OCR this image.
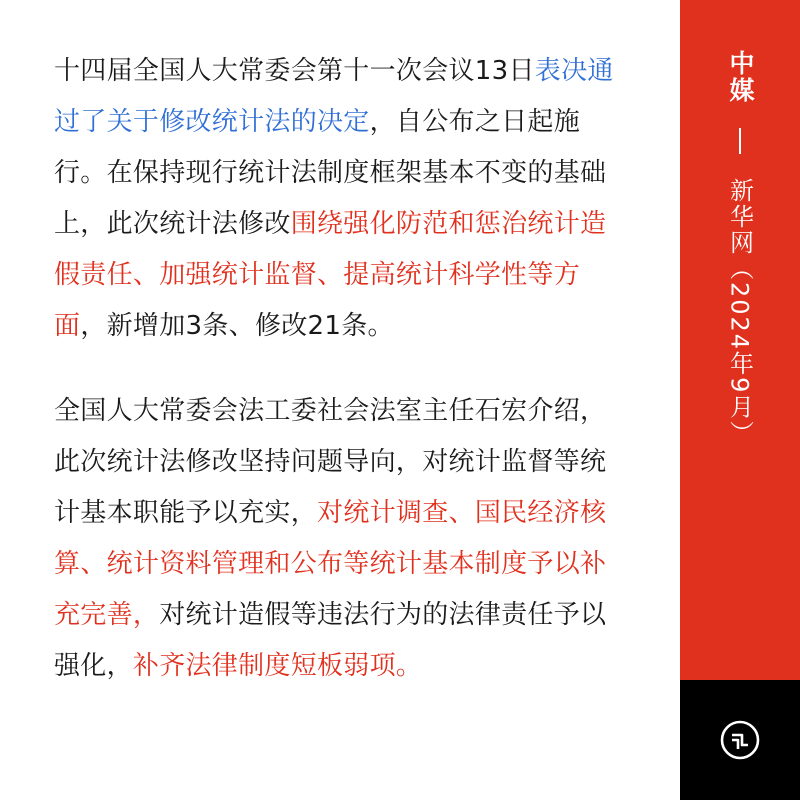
十四届全国人大常委会第十一次会议13日表决通过了关于修改统计法的决定，自公布之日起施行。在保持现行统计法制度框架基本不变的基础上，此次统计法修改围绕强化防范和惩治统计造假责任、加强统计监督、提高统计科学性等方面，新增加3条、修改21条。

全国人大常委会法工委社会法室主任石宏介绍，此次统计法修改坚持问题导向，对统计监督等统计基本职能予以充实，对统计调查、国民经济核算、统计资料管理和公布等统计基本制度予以补充完善，对统计造假等违法行为的法律责任予以强化，补齐法律制度短板弱项。

中媒
新华网（2024年9月）
